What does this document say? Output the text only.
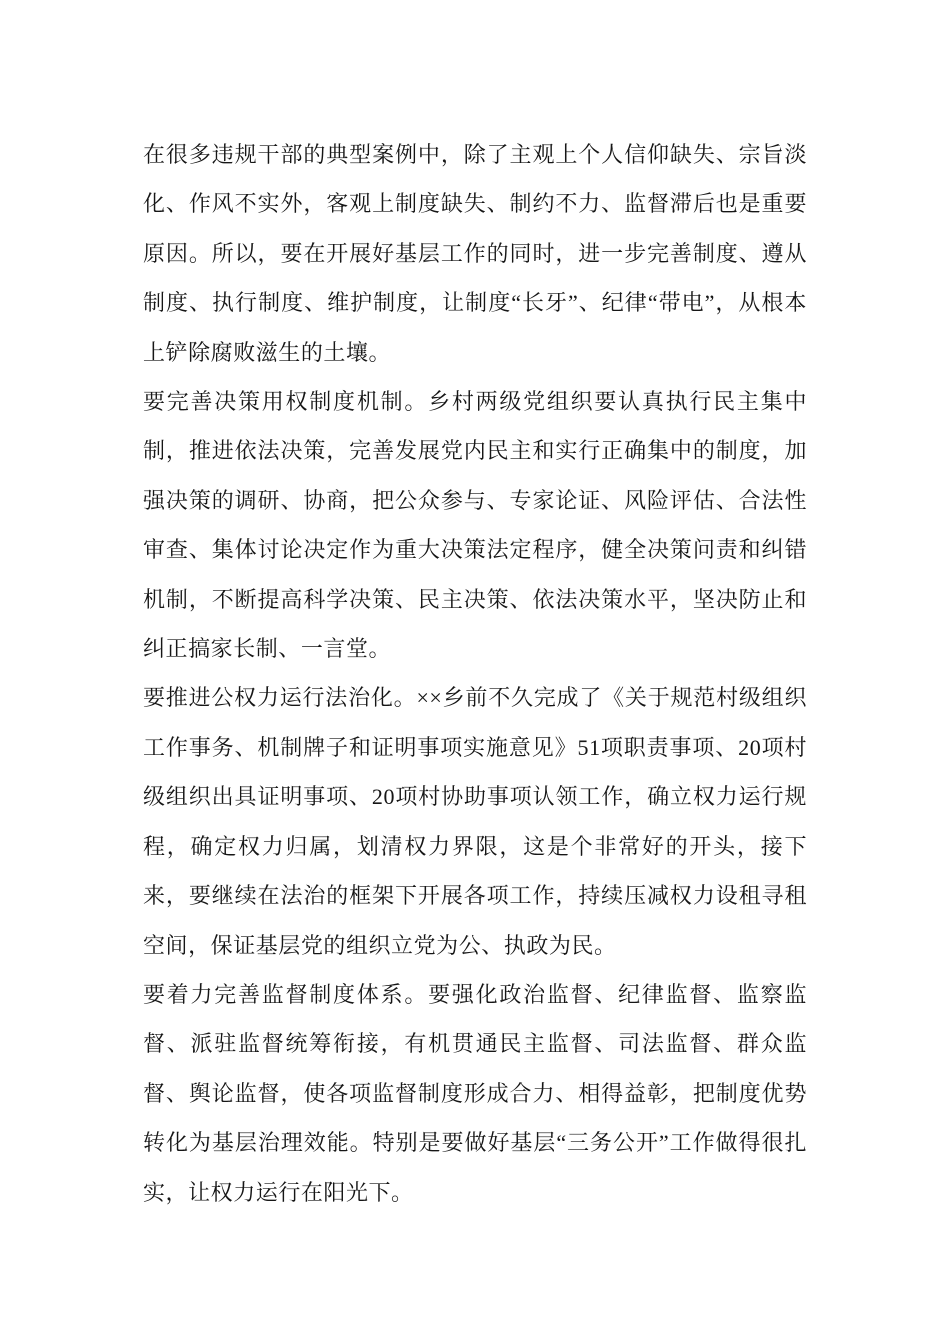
在很多违规干部的典型案例中，除了主观上个人信仰缺失、宗旨淡化、作风不实外，客观上制度缺失、制约不力、监督滞后也是重要原因。所以，要在开展好基层工作的同时，进一步完善制度、遵从制度、执行制度、维护制度，让制度“长牙”、纪律“带电”，从根本上铲除腐败滋生的土壤。

要完善决策用权制度机制。乡村两级党组织要认真执行民主集中制，推进依法决策，完善发展党内民主和实行正确集中的制度，加强决策的调研、协商，把公众参与、专家论证、风险评估、合法性审查、集体讨论决定作为重大决策法定程序，健全决策问责和纠错机制，不断提高科学决策、民主决策、依法决策水平，坚决防止和纠正搞家长制、一言堂。

要推进公权力运行法治化。××乡前不久完成了《关于规范村级组织工作事务、机制牌子和证明事项实施意见》51项职责事项、20项村级组织出具证明事项、20项村协助事项认领工作，确立权力运行规程，确定权力归属，划清权力界限，这是个非常好的开头，接下来，要继续在法治的框架下开展各项工作，持续压减权力设租寻租空间，保证基层党的组织立党为公、执政为民。

要着力完善监督制度体系。要强化政治监督、纪律监督、监察监督、派驻监督统筹衔接，有机贯通民主监督、司法监督、群众监督、舆论监督，使各项监督制度形成合力、相得益彰，把制度优势转化为基层治理效能。特别是要做好基层“三务公开”工作做得很扎实，让权力运行在阳光下。
